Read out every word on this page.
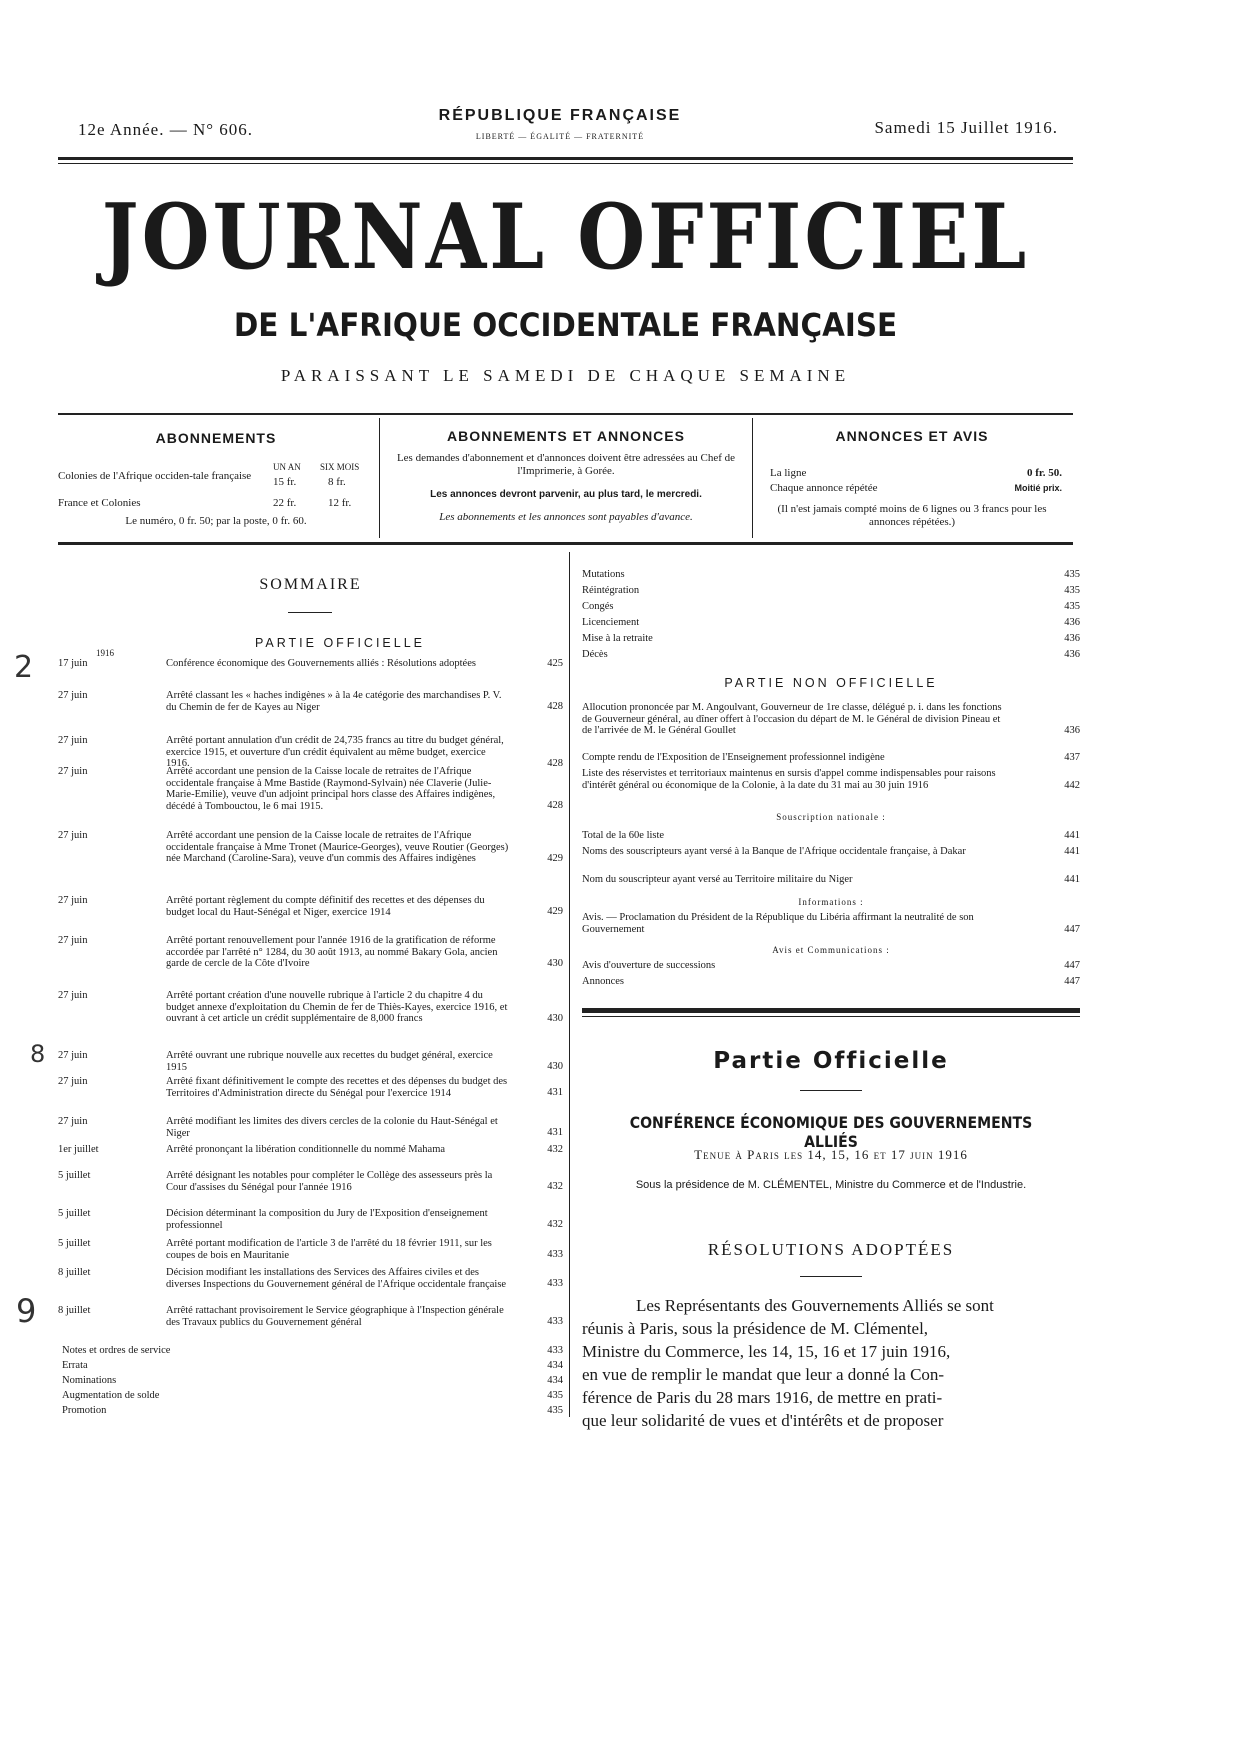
12e Année. — N° 606.
RÉPUBLIQUE FRANÇAISE
LIBERTÉ — ÉGALITÉ — FRATERNITÉ	Samedi 15 Juillet 1916.
JOURNAL OFFICIEL
DE L'AFRIQUE OCCIDENTALE FRANÇAISE
PARAISSANT LE SAMEDI DE CHAQUE SEMAINE
ABONNEMENTS
UN AN SIX MOIS
Colonies de l'Afrique occiden-tale française	15 fr.	8 fr.
France et Colonies	22 fr.	12 fr.
Le numéro, 0 fr. 50; par la poste, 0 fr. 60.
ABONNEMENTS ET ANNONCES
Les demandes d'abonnement et d'annonces doivent être adressées au Chef de l'Imprimerie, à Gorée.
Les annonces devront parvenir, au plus tard, le mercredi.
Les abonnements et les annonces sont payables d'avance.
ANNONCES ET AVIS
La ligne	0 fr. 50.
Chaque annonce répétée	Moitié prix.
(Il n'est jamais compté moins de 6 lignes ou 3 francs pour les annonces répétées.)
SOMMAIRE
PARTIE OFFICIELLE
1916
17 juin	Conférence économique des Gouvernements alliés : Résolutions adoptées	425
27 juin	Arrêté classant les « haches indigènes » à la 4e catégorie des marchandises P. V. du Chemin de fer de Kayes au Niger	428
27 juin	Arrêté portant annulation d'un crédit de 24,735 francs au titre du budget général, exercice 1915, et ouverture d'un crédit équivalent au même budget, exercice 1916.	428
27 juin	Arrêté accordant une pension de la Caisse locale de retraites de l'Afrique occidentale française à Mme Bastide (Raymond-Sylvain) née Claverie (Julie-Marie-Emilie), veuve d'un adjoint principal hors classe des Affaires indigènes, décédé à Tombouctou, le 6 mai 1915.	428
27 juin	Arrêté accordant une pension de la Caisse locale de retraites de l'Afrique occidentale française à Mme Tronet (Maurice-Georges), veuve Routier (Georges) née Marchand (Caroline-Sara), veuve d'un commis des Affaires indigènes	429
27 juin	Arrêté portant règlement du compte définitif des recettes et des dépenses du budget local du Haut-Sénégal et Niger, exercice 1914	429
27 juin	Arrêté portant renouvellement pour l'année 1916 de la gratification de réforme accordée par l'arrêté n° 1284, du 30 août 1913, au nommé Bakary Gola, ancien garde de cercle de la Côte d'Ivoire	430
27 juin	Arrêté portant création d'une nouvelle rubrique à l'article 2 du chapitre 4 du budget annexe d'exploitation du Chemin de fer de Thiès-Kayes, exercice 1916, et ouvrant à cet article un crédit supplémentaire de 8,000 francs	430
27 juin	Arrêté ouvrant une rubrique nouvelle aux recettes du budget général, exercice 1915	430
27 juin	Arrêté fixant définitivement le compte des recettes et des dépenses du budget des Territoires d'Administration directe du Sénégal pour l'exercice 1914	431
27 juin	Arrêté modifiant les limites des divers cercles de la colonie du Haut-Sénégal et Niger	431
1er juillet	Arrêté prononçant la libération conditionnelle du nommé Mahama	432
5 juillet	Arrêté désignant les notables pour compléter le Collège des assesseurs près la Cour d'assises du Sénégal pour l'année 1916	432
5 juillet	Décision déterminant la composition du Jury de l'Exposition d'enseignement professionnel	432
5 juillet	Arrêté portant modification de l'article 3 de l'arrêté du 18 février 1911, sur les coupes de bois en Mauritanie	433
8 juillet	Décision modifiant les installations des Services des Affaires civiles et des diverses Inspections du Gouvernement général de l'Afrique occidentale française	433
8 juillet	Arrêté rattachant provisoirement le Service géographique à l'Inspection générale des Travaux publics du Gouvernement général	433
Notes et ordres de service	433
Errata	434
Nominations	434
Augmentation de solde	435
Promotion	435
Mutations	435
Réintégration	435
Congés	435
Licenciement	436
Mise à la retraite	436
Décès	436
PARTIE NON OFFICIELLE
Allocution prononcée par M. Angoulvant, Gouverneur de 1re classe, délégué p. i. dans les fonctions de Gouverneur général, au dîner offert à l'occasion du départ de M. le Général de division Pineau et de l'arrivée de M. le Général Goullet	436
Compte rendu de l'Exposition de l'Enseignement professionnel indigène	437
Liste des réservistes et territoriaux maintenus en sursis d'appel comme indispensables pour raisons d'intérêt général ou économique de la Colonie, à la date du 31 mai au 30 juin 1916	442
Souscription nationale :
Total de la 60e liste	441
Noms des souscripteurs ayant versé à la Banque de l'Afrique occidentale française, à Dakar	441
Nom du souscripteur ayant versé au Territoire militaire du Niger	441
Informations :
Avis. — Proclamation du Président de la République du Libéria affirmant la neutralité de son Gouvernement	447
Avis et Communications :
Avis d'ouverture de successions	447
Annonces	447
Partie Officielle
CONFÉRENCE ÉCONOMIQUE DES GOUVERNEMENTS ALLIÉS
Tenue à Paris les 14, 15, 16 et 17 juin 1916
Sous la présidence de M. CLÉMENTEL, Ministre du Commerce et de l'Industrie.
RÉSOLUTIONS ADOPTÉES
Les Représentants des Gouvernements Alliés se sont
réunis à Paris, sous la présidence de M. Clémentel,
Ministre du Commerce, les 14, 15, 16 et 17 juin 1916,
en vue de remplir le mandat que leur a donné la Con-
férence de Paris du 28 mars 1916, de mettre en prati-
que leur solidarité de vues et d'intérêts et de proposer
2
8
9
